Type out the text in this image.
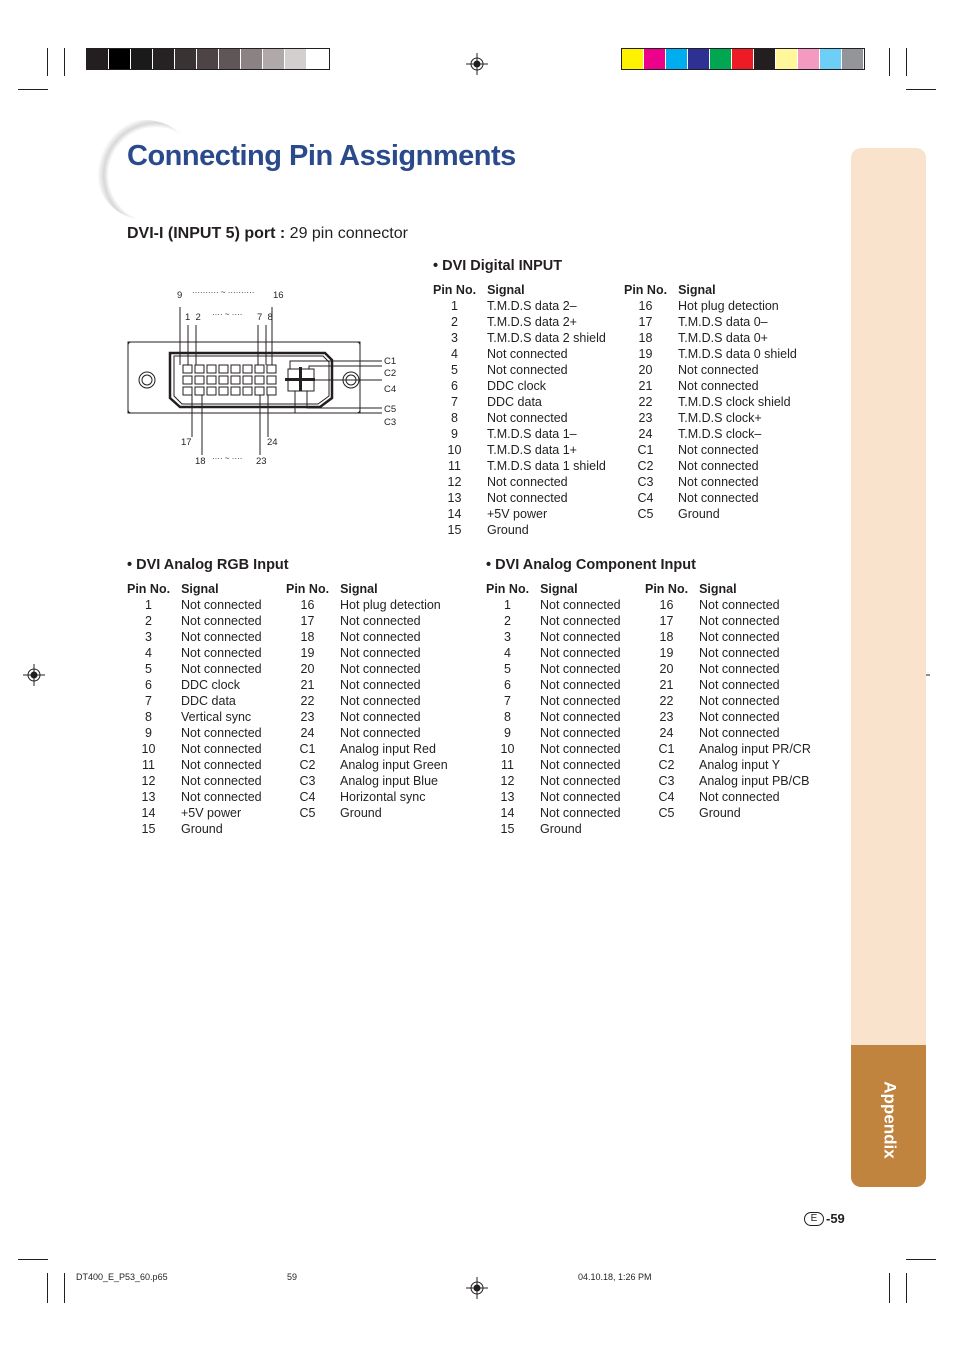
Appendix
Connecting Pin Assignments
DVI-I (INPUT 5) port : 29 pin connector
9 ·········· ~ ·········· 16
1  2 ···· ~ ···· 7  8
C1
C2
C4
C5
C3
17	24
18 ···· ~ ···· 23
• DVI Digital INPUT
Pin No. Signal
1	T.M.D.S data 2–
2	T.M.D.S data 2+
3	T.M.D.S data 2 shield
4	Not connected
5	Not connected
6	DDC clock
7	DDC data
8	Not connected
9	T.M.D.S data 1–
10	T.M.D.S data 1+
11	T.M.D.S data 1 shield
12	Not connected
13	Not connected
14	+5V power
15	Ground
Pin No. Signal
16	Hot plug detection
17	T.M.D.S data 0–
18	T.M.D.S data 0+
19	T.M.D.S data 0 shield
20	Not connected
21	Not connected
22	T.M.D.S clock shield
23	T.M.D.S clock+
24	T.M.D.S clock–
C1	Not connected
C2	Not connected
C3	Not connected
C4	Not connected
C5	Ground
• DVI Analog RGB Input
Pin No. Signal
1	Not connected
2	Not connected
3	Not connected
4	Not connected
5	Not connected
6	DDC clock
7	DDC data
8	Vertical sync
9	Not connected
10	Not connected
11	Not connected
12	Not connected
13	Not connected
14	+5V power
15	Ground
Pin No. Signal
16	Hot plug detection
17	Not connected
18	Not connected
19	Not connected
20	Not connected
21	Not connected
22	Not connected
23	Not connected
24	Not connected
C1	Analog input Red
C2	Analog input Green
C3	Analog input Blue
C4	Horizontal sync
C5	Ground
• DVI Analog Component Input
Pin No. Signal
1	Not connected
2	Not connected
3	Not connected
4	Not connected
5	Not connected
6	Not connected
7	Not connected
8	Not connected
9	Not connected
10	Not connected
11	Not connected
12	Not connected
13	Not connected
14	Not connected
15	Ground
Pin No. Signal
16	Not connected
17	Not connected
18	Not connected
19	Not connected
20	Not connected
21	Not connected
22	Not connected
23	Not connected
24	Not connected
C1	Analog input PR/CR
C2	Analog input Y
C3	Analog input PB/CB
C4	Not connected
C5	Ground
E -59
DT400_E_P53_60.p65	59	04.10.18, 1:26 PM
